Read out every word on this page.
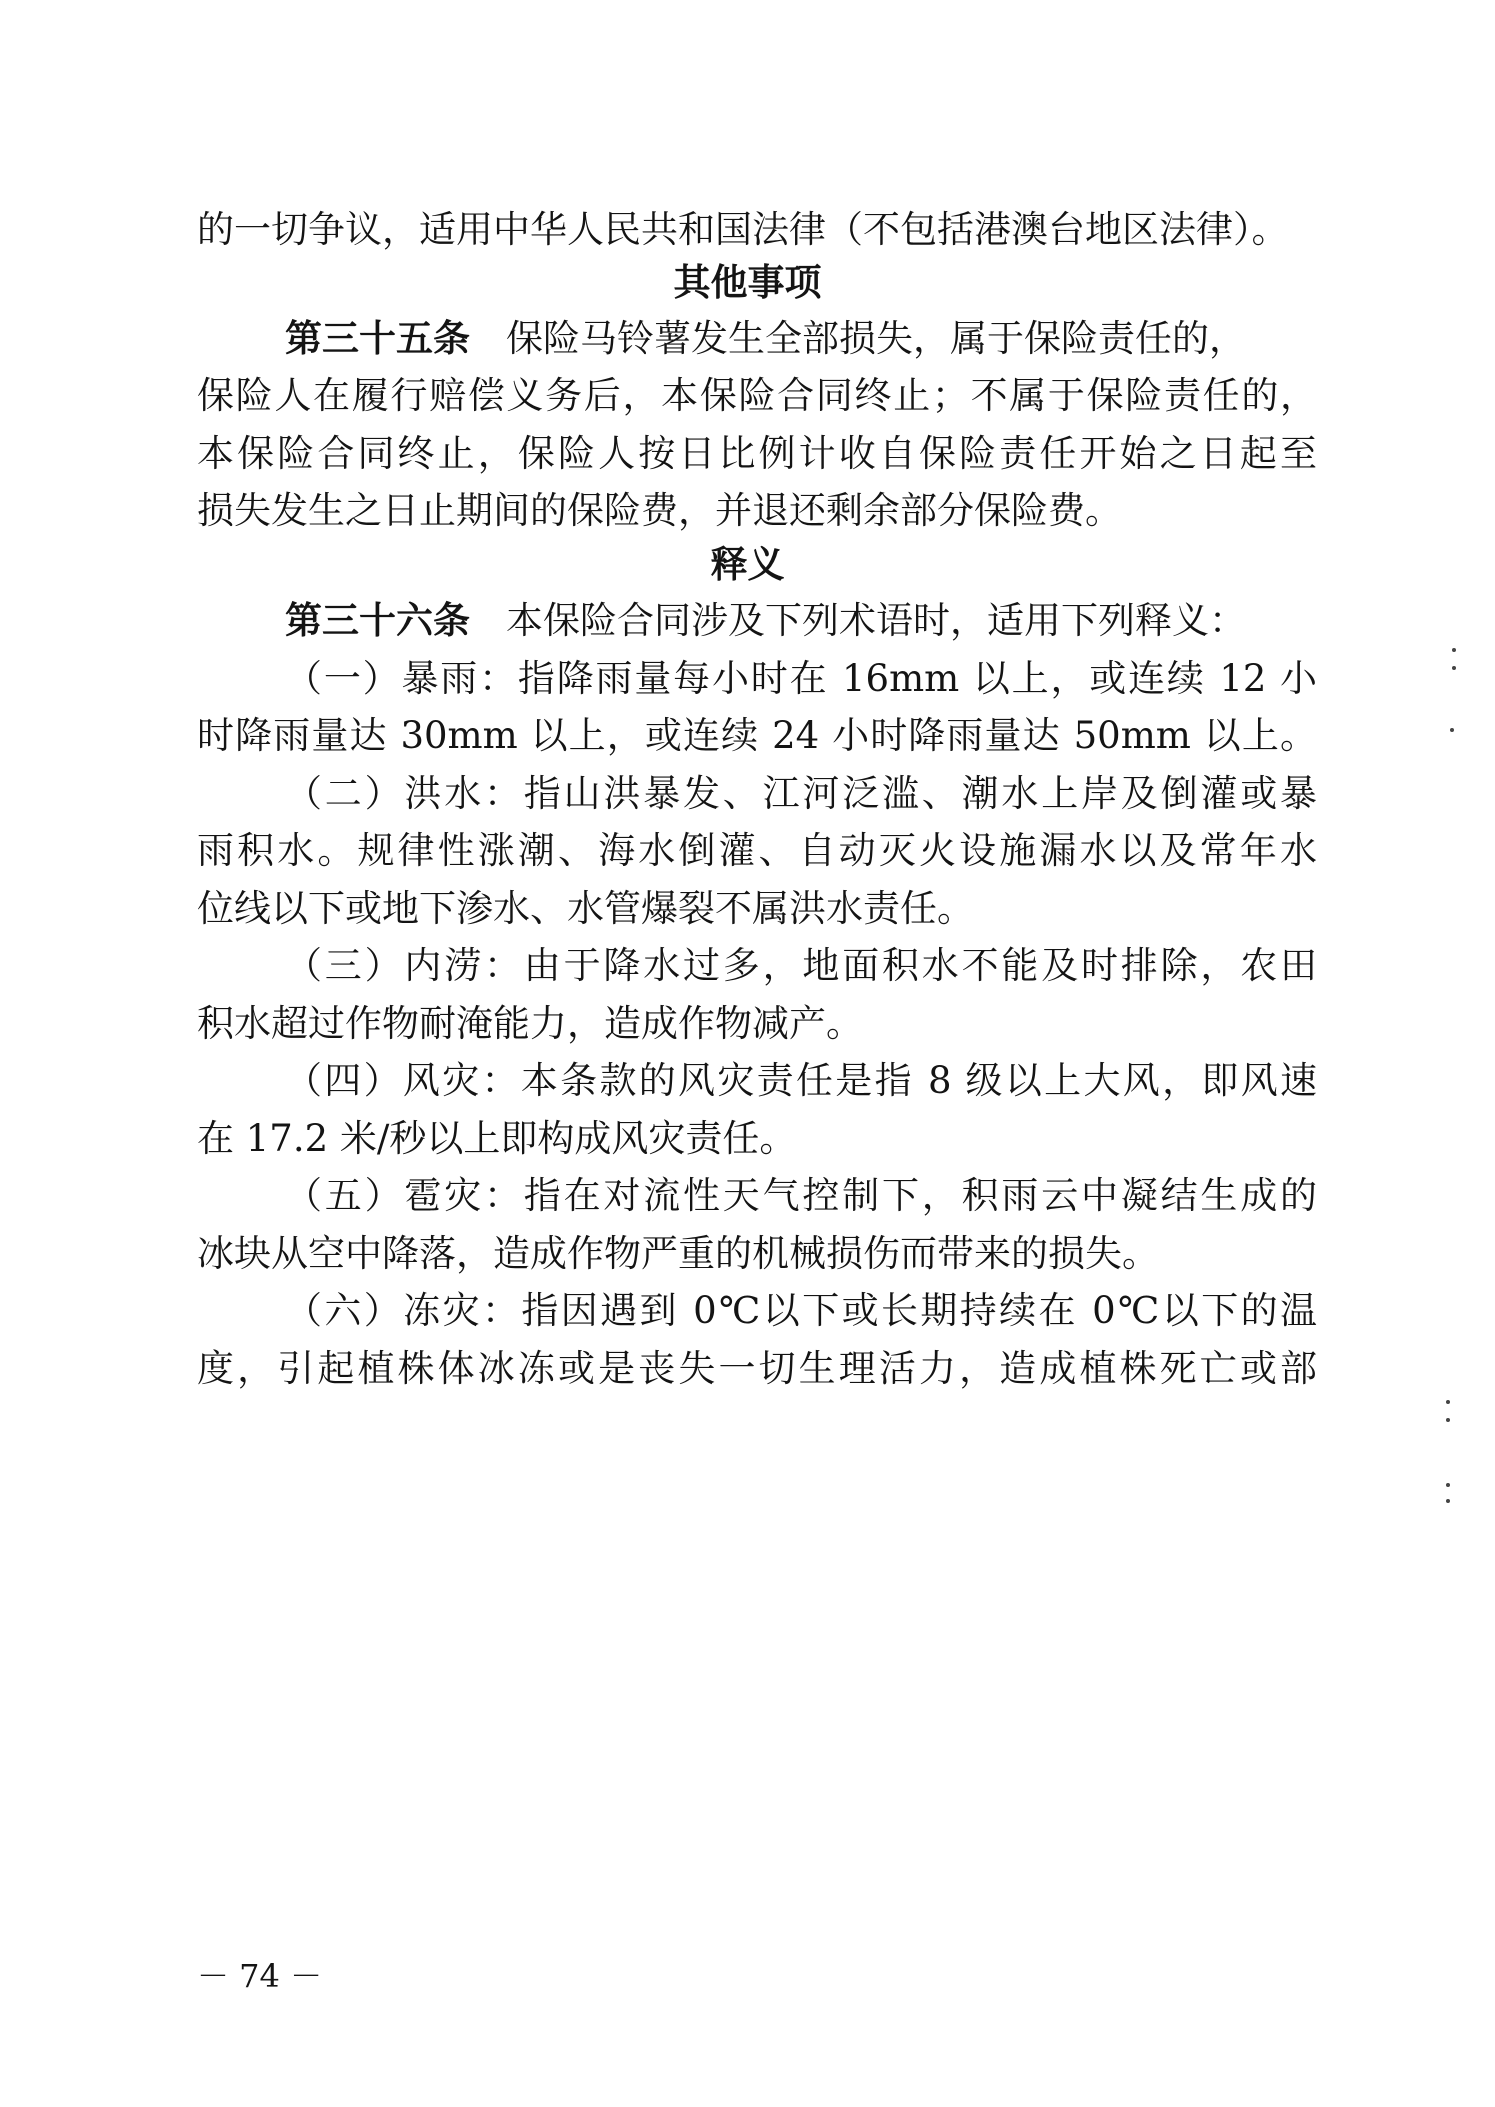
的一切争议，适用中华人民共和国法律（不包括港澳台地区法律）。
其他事项
第三十五条 保险马铃薯发生全部损失，属于保险责任的，
保险人在履行赔偿义务后，本保险合同终止；不属于保险责任的，
本保险合同终止，保险人按日比例计收自保险责任开始之日起至
损失发生之日止期间的保险费，并退还剩余部分保险费。
释义
第三十六条 本保险合同涉及下列术语时，适用下列释义：
（一）暴雨：指降雨量每小时在 16mm 以上，或连续 12 小
时降雨量达 30mm 以上，或连续 24 小时降雨量达 50mm 以上。
（二）洪水：指山洪暴发、江河泛滥、潮水上岸及倒灌或暴
雨积水。规律性涨潮、海水倒灌、自动灭火设施漏水以及常年水
位线以下或地下渗水、水管爆裂不属洪水责任。
（三）内涝：由于降水过多，地面积水不能及时排除，农田
积水超过作物耐淹能力，造成作物减产。
（四）风灾：本条款的风灾责任是指 8 级以上大风，即风速
在 17.2 米/秒以上即构成风灾责任。
（五）雹灾：指在对流性天气控制下，积雨云中凝结生成的
冰块从空中降落，造成作物严重的机械损伤而带来的损失。
（六）冻灾：指因遇到 0℃以下或长期持续在 0℃以下的温
度，引起植株体冰冻或是丧失一切生理活力，造成植株死亡或部
－ 74 －
